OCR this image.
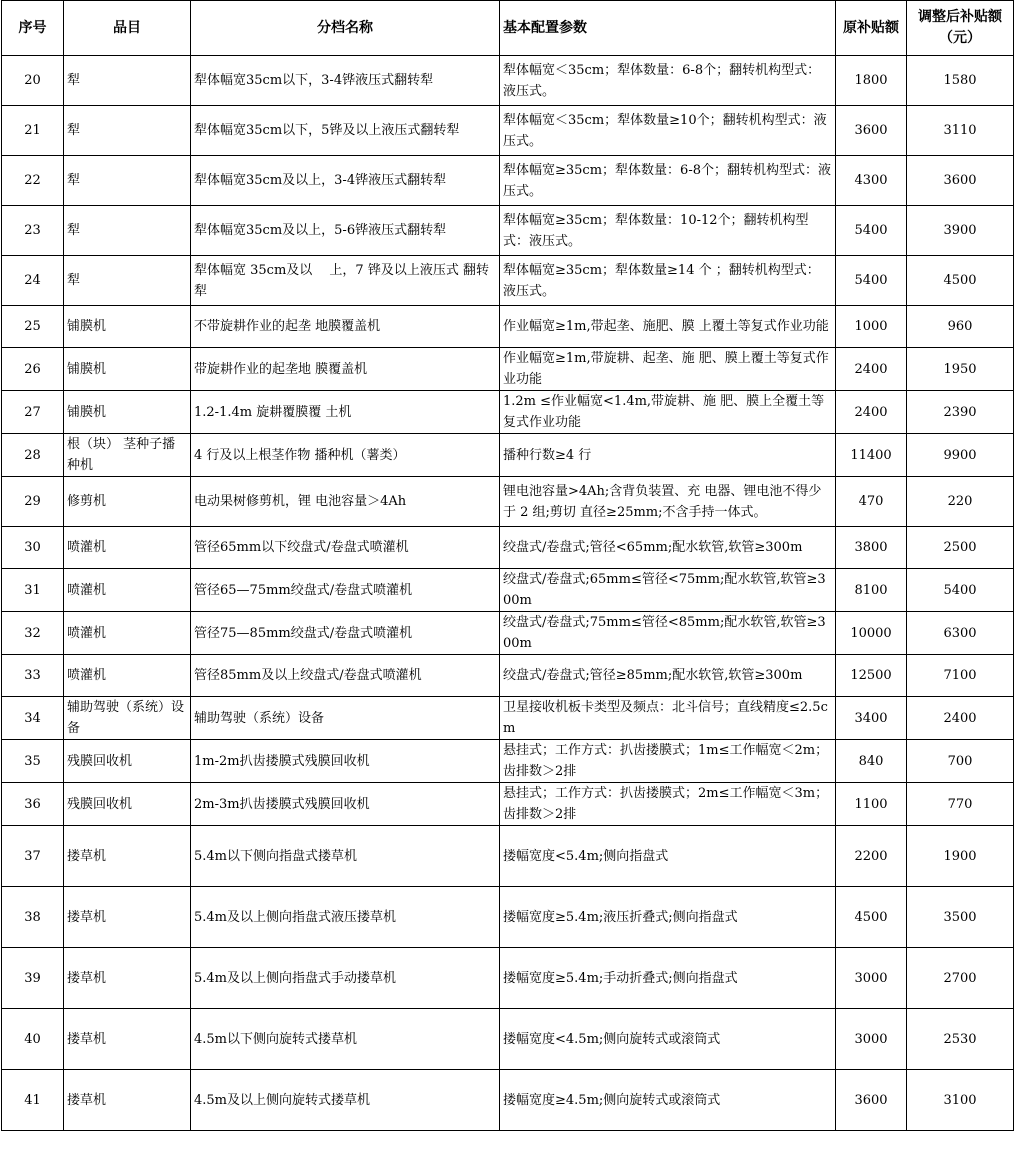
序号	品目	分档名称	基本配置参数	原补贴额	调整后补贴额（元）
20	犁	犁体幅宽35cm以下，3-4铧液压式翻转犁	犁体幅宽＜35cm；犁体数量：6-8个；翻转机构型式：液压式。	1800	1580
21	犁	犁体幅宽35cm以下，5铧及以上液压式翻转犁	犁体幅宽＜35cm；犁体数量≥10个；翻转机构型式：液压式。	3600	3110
22	犁	犁体幅宽35cm及以上，3-4铧液压式翻转犁	犁体幅宽≥35cm；犁体数量：6-8个；翻转机构型式：液压式。	4300	3600
23	犁	犁体幅宽35cm及以上，5-6铧液压式翻转犁	犁体幅宽≥35cm；犁体数量：10-12个；翻转机构型式：液压式。	5400	3900
24	犁	犁体幅宽 35cm及以　 上，7 铧及以上液压式 翻转犁	犁体幅宽≥35cm；犁体数量≥14 个 ；翻转机构型式：液压式。	5400	4500
25	铺膜机	不带旋耕作业的起垄 地膜覆盖机	作业幅宽≥1m,带起垄、施肥、膜 上覆土等复式作业功能	1000	960
26	铺膜机	带旋耕作业的起垄地 膜覆盖机	作业幅宽≥1m,带旋耕、起垄、施 肥、膜上覆土等复式作业功能	2400	1950
27	铺膜机	1.2-1.4m 旋耕覆膜覆 土机	1.2m ≤作业幅宽<1.4m,带旋耕、施 肥、膜上全覆土等复式作业功能	2400	2390
28	根（块） 茎种子播种机	4 行及以上根茎作物 播种机（薯类）	播种行数≥4 行	11400	9900
29	修剪机	电动果树修剪机，锂 电池容量＞4Ah	锂电池容量>4Ah;含背负装置、充 电器、锂电池不得少于 2 组;剪切 直径≥25mm;不含手持一体式。	470	220
30	喷灌机	管径65mm以下绞盘式/卷盘式喷灌机	绞盘式/卷盘式;管径<65mm;配水软管,软管≥300m	3800	2500
31	喷灌机	管径65—75mm绞盘式/卷盘式喷灌机	绞盘式/卷盘式;65mm≤管径<75mm;配水软管,软管≥300m	8100	5400
32	喷灌机	管径75—85mm绞盘式/卷盘式喷灌机	绞盘式/卷盘式;75mm≤管径<85mm;配水软管,软管≥300m	10000	6300
33	喷灌机	管径85mm及以上绞盘式/卷盘式喷灌机	绞盘式/卷盘式;管径≥85mm;配水软管,软管≥300m	12500	7100
34	辅助驾驶（系统）设备	辅助驾驶（系统）设备	卫星接收机板卡类型及频点：北斗信号；直线精度≤2.5cm	3400	2400
35	残膜回收机	1m-2m扒齿搂膜式残膜回收机	悬挂式；工作方式：扒齿搂膜式；1m≤工作幅宽＜2m；齿排数＞2排	840	700
36	残膜回收机	2m-3m扒齿搂膜式残膜回收机	悬挂式；工作方式：扒齿搂膜式；2m≤工作幅宽＜3m；齿排数＞2排	1100	770
37	搂草机	5.4m以下侧向指盘式搂草机	搂幅宽度<5.4m;侧向指盘式	2200	1900
38	搂草机	5.4m及以上侧向指盘式液压搂草机	搂幅宽度≥5.4m;液压折叠式;侧向指盘式	4500	3500
39	搂草机	5.4m及以上侧向指盘式手动搂草机	搂幅宽度≥5.4m;手动折叠式;侧向指盘式	3000	2700
40	搂草机	4.5m以下侧向旋转式搂草机	搂幅宽度<4.5m;侧向旋转式或滚筒式	3000	2530
41	搂草机	4.5m及以上侧向旋转式搂草机	搂幅宽度≥4.5m;侧向旋转式或滚筒式	3600	3100
